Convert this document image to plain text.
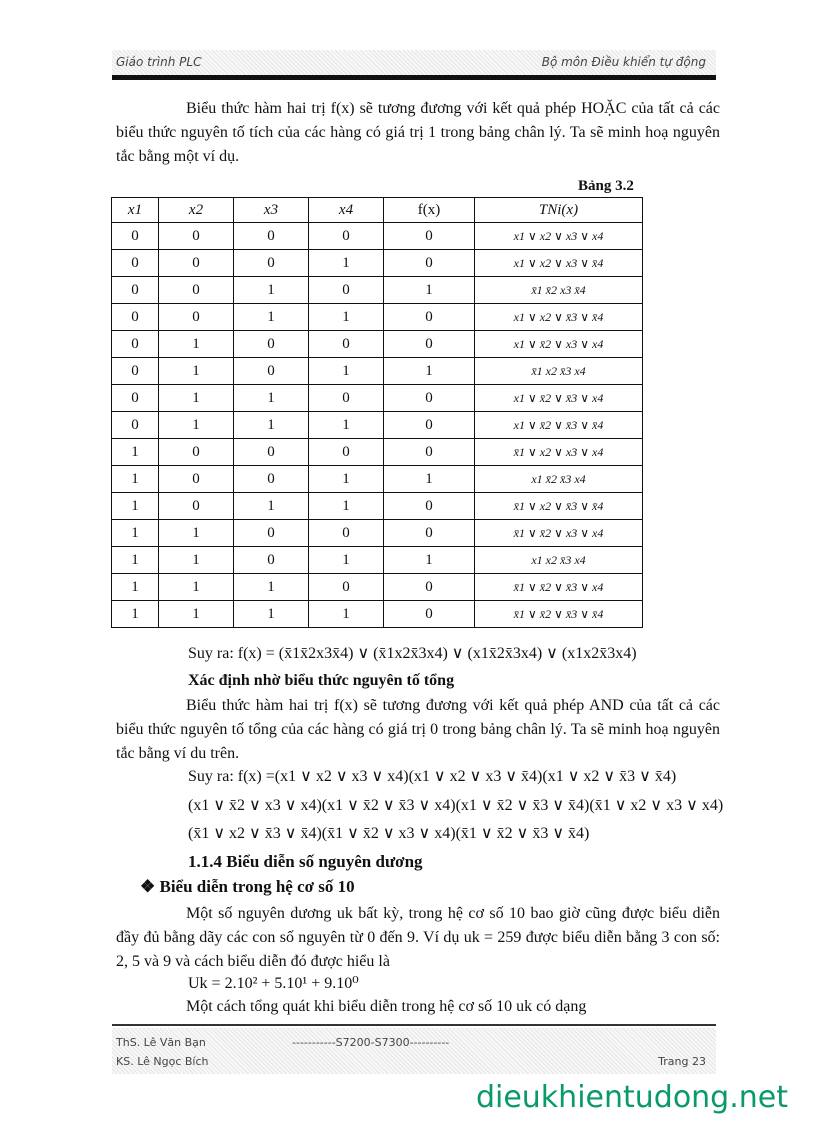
Giáo trình PLC	Bộ môn Điều khiển tự động
Biểu thức hàm hai trị f(x) sẽ tương đương với kết quả phép HOẶC của tất cả các biểu thức nguyên tố tích của các hàng có giá trị 1 trong bảng chân lý. Ta sẽ minh hoạ nguyên tắc bằng một ví dụ.
Bảng 3.2
x1	x2	x3	x4	f(x)	TNi(x)
0	0	0	0	0	x1 ∨ x2 ∨ x3 ∨ x4
0	0	0	1	0	x1 ∨ x2 ∨ x3 ∨ x̄4
0	0	1	0	1	x̄1 x̄2 x3 x̄4
0	0	1	1	0	x1 ∨ x2 ∨ x̄3 ∨ x̄4
0	1	0	0	0	x1 ∨ x̄2 ∨ x3 ∨ x4
0	1	0	1	1	x̄1 x2 x̄3 x4
0	1	1	0	0	x1 ∨ x̄2 ∨ x̄3 ∨ x4
0	1	1	1	0	x1 ∨ x̄2 ∨ x̄3 ∨ x̄4
1	0	0	0	0	x̄1 ∨ x2 ∨ x3 ∨ x4
1	0	0	1	1	x1 x̄2 x̄3 x4
1	0	1	1	0	x̄1 ∨ x2 ∨ x̄3 ∨ x̄4
1	1	0	0	0	x̄1 ∨ x̄2 ∨ x3 ∨ x4
1	1	0	1	1	x1 x2 x̄3 x4
1	1	1	0	0	x̄1 ∨ x̄2 ∨ x̄3 ∨ x4
1	1	1	1	0	x̄1 ∨ x̄2 ∨ x̄3 ∨ x̄4
Suy ra: f(x) = (x̄1x̄2x3x̄4) ∨ (x̄1x2x̄3x4) ∨ (x1x̄2x̄3x4) ∨ (x1x2x̄3x4)
Xác định nhờ biểu thức nguyên tố tổng
Biểu thức hàm hai trị f(x) sẽ tương đương với kết quả phép AND của tất cả các biểu thức nguyên tố tổng của các hàng có giá trị 0 trong bảng chân lý. Ta sẽ minh hoạ nguyên tắc bằng ví du trên.
Suy ra: f(x) =(x1 ∨ x2 ∨ x3 ∨ x4)(x1 ∨ x2 ∨ x3 ∨ x̄4)(x1 ∨ x2 ∨ x̄3 ∨ x̄4)
(x1 ∨ x̄2 ∨ x3 ∨ x4)(x1 ∨ x̄2 ∨ x̄3 ∨ x4)(x1 ∨ x̄2 ∨ x̄3 ∨ x̄4)(x̄1 ∨ x2 ∨ x3 ∨ x4)
(x̄1 ∨ x2 ∨ x̄3 ∨ x̄4)(x̄1 ∨ x̄2 ∨ x3 ∨ x4)(x̄1 ∨ x̄2 ∨ x̄3 ∨ x̄4)
1.1.4 Biểu diễn số nguyên dương
❖ Biểu diễn trong hệ cơ số 10
Một số nguyên dương uk bất kỳ, trong hệ cơ số 10 bao giờ cũng được biểu diễn đầy đủ bằng dãy các con số nguyên từ 0 đến 9. Ví dụ uk = 259 được biểu diễn bằng 3 con số: 2, 5 và 9 và cách biểu diễn đó được hiểu là
Uk = 2.10² + 5.10¹ + 9.10⁰
Một cách tổng quát khi biểu diễn trong hệ cơ số 10 uk có dạng
ThS. Lê Văn Bạn
KS. Lê Ngọc Bích
-----------S7200-S7300----------
Trang 23
dieukhientudong.net
